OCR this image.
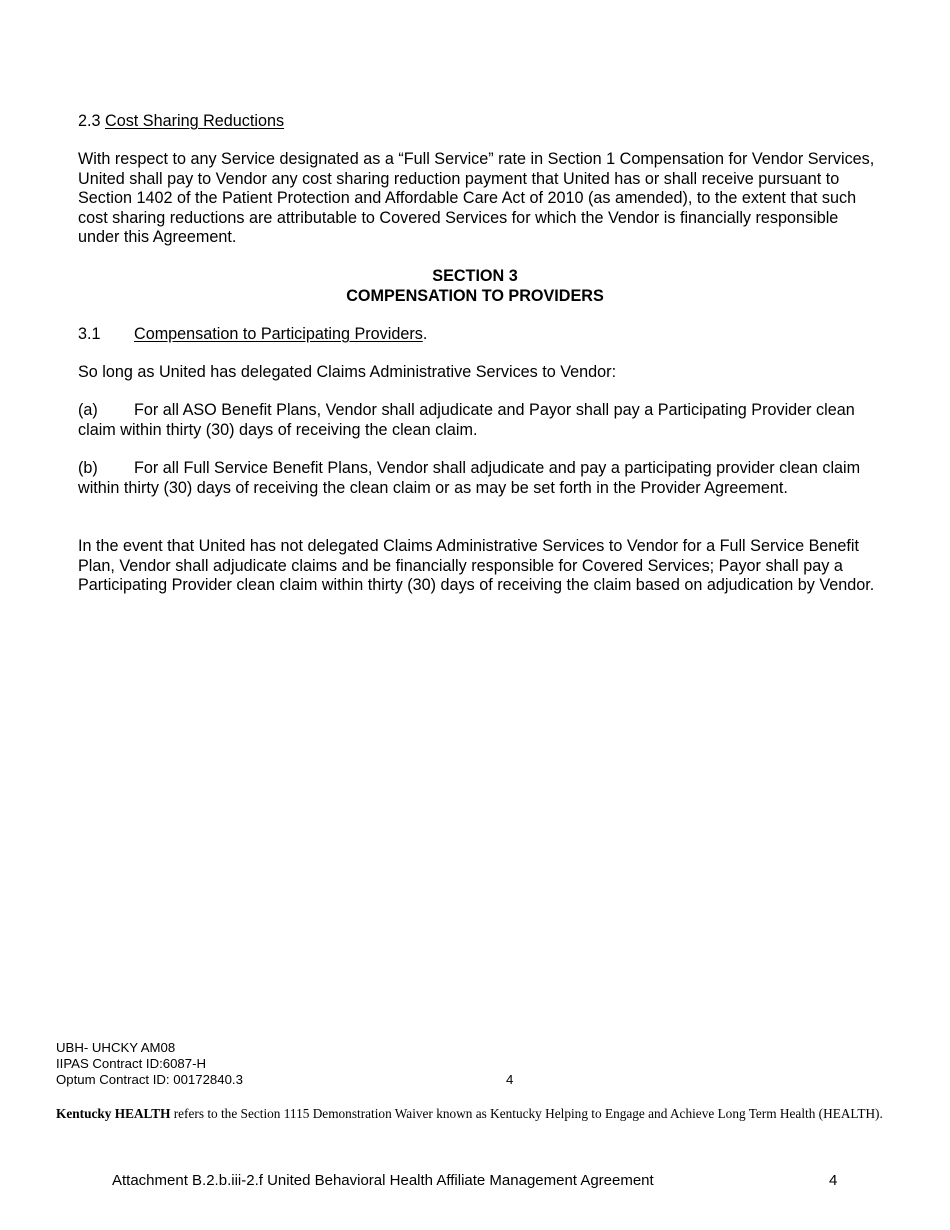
2.3 Cost Sharing Reductions
With respect to any Service designated as a “Full Service” rate in Section 1 Compensation for Vendor Services, United shall pay to Vendor any cost sharing reduction payment that United has or shall receive pursuant to Section 1402 of the Patient Protection and Affordable Care Act of 2010 (as amended), to the extent that such cost sharing reductions are attributable to Covered Services for which the Vendor is financially responsible under this Agreement.
SECTION 3
COMPENSATION TO PROVIDERS
3.1 Compensation to Participating Providers.
So long as United has delegated Claims Administrative Services to Vendor:
(a) For all ASO Benefit Plans, Vendor shall adjudicate and Payor shall pay a Participating Provider clean claim within thirty (30) days of receiving the clean claim.
(b) For all Full Service Benefit Plans, Vendor shall adjudicate and pay a participating provider clean claim within thirty (30) days of receiving the clean claim or as may be set forth in the Provider Agreement.
In the event that United has not delegated Claims Administrative Services to Vendor for a Full Service Benefit Plan, Vendor shall adjudicate claims and be financially responsible for Covered Services; Payor shall pay a Participating Provider clean claim within thirty (30) days of receiving the claim based on adjudication by Vendor.
UBH- UHCKY AM08
IIPAS Contract ID:6087-H
Optum Contract ID: 00172840.3	4
Kentucky HEALTH refers to the Section 1115 Demonstration Waiver known as Kentucky Helping to Engage and Achieve Long Term Health (HEALTH).
Attachment B.2.b.iii-2.f United Behavioral Health Affiliate Management Agreement	4
